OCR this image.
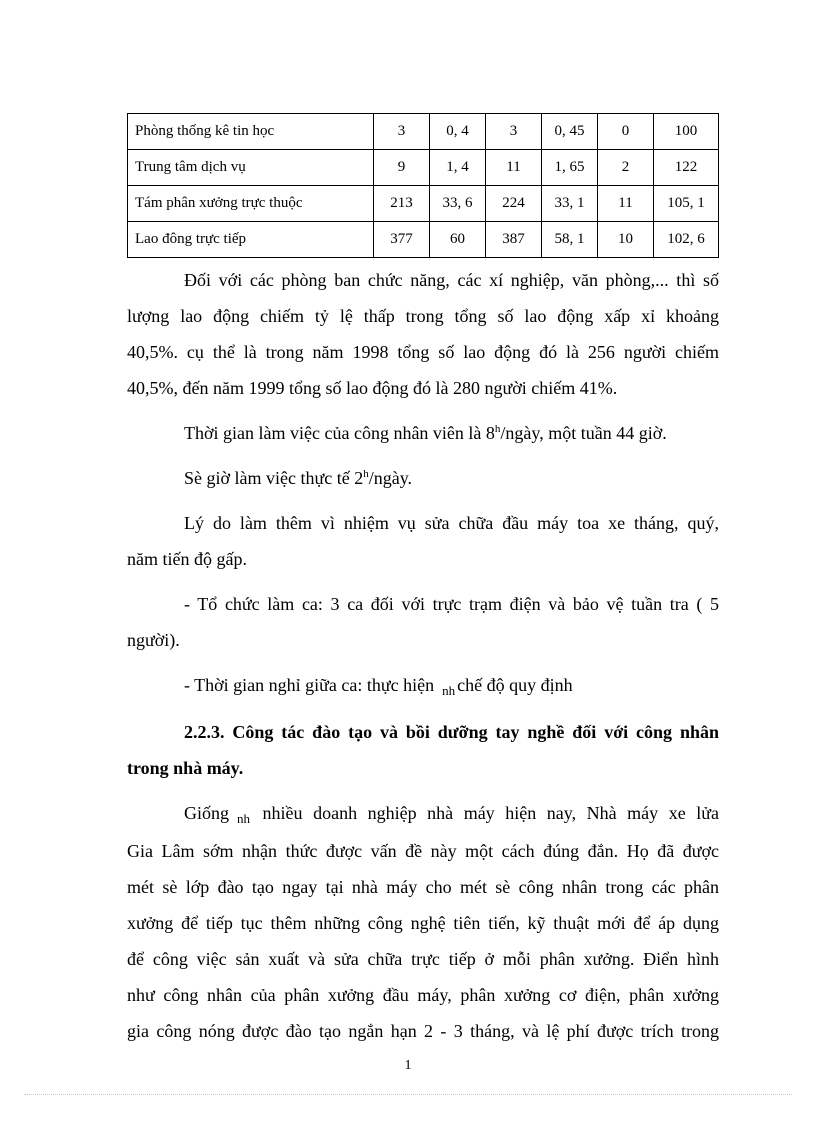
Phòng thống kê tin học	3	0, 4	3	0, 45	0	100
Trung tâm dịch vụ	9	1, 4	11	1, 65	2	122
Tám phân xưởng trực thuộc	213	33, 6	224	33, 1	11	105, 1
Lao đông trực tiếp	377	60	387	58, 1	10	102, 6

Đối với các phòng ban chức năng, các xí nghiệp, văn phòng,... thì số

lượng lao động chiếm tỷ lệ thấp trong tổng số lao động xấp xỉ khoảng

40,5%. cụ thể là trong năm 1998 tổng số lao động đó là 256 người chiếm

40,5%, đến năm 1999 tổng số lao động đó là 280 người chiếm 41%.

Thời gian làm việc của công nhân viên là 8$^h$/ngày, một tuần 44 giờ.

Sè giờ làm việc thực tế 2$^h$/ngày.

Lý do làm thêm vì nhiệm vụ sửa chữa đầu máy toa xe tháng, quý,

năm tiến độ gấp.

- Tổ chức làm ca: 3 ca đối với trực trạm điện và bảo vệ tuần tra ( 5

người).

- Thời gian nghỉ giữa ca: thực hiện $_{nh}$ chế độ quy định

2.2.3. Công tác đào tạo và bồi dưỡng tay nghề đối với công nhân

trong nhà máy.

Giống $_{nh}$ nhiều doanh nghiệp nhà máy hiện nay, Nhà máy xe lửa

Gia Lâm sớm nhận thức được vấn đề này một cách đúng đắn. Họ đã được

mét sè lớp đào tạo ngay tại nhà máy cho mét sè công nhân trong các phân

xưởng để tiếp tục thêm những công nghệ tiên tiến, kỹ thuật mới để áp dụng

để công việc sản xuất và sửa chữa trực tiếp ở mỗi phân xưởng. Điển hình

như công nhân của phân xưởng đầu máy, phân xưởng cơ điện, phân xưởng

gia công nóng được đào tạo ngắn hạn 2 - 3 tháng, và lệ phí được trích trong

1
